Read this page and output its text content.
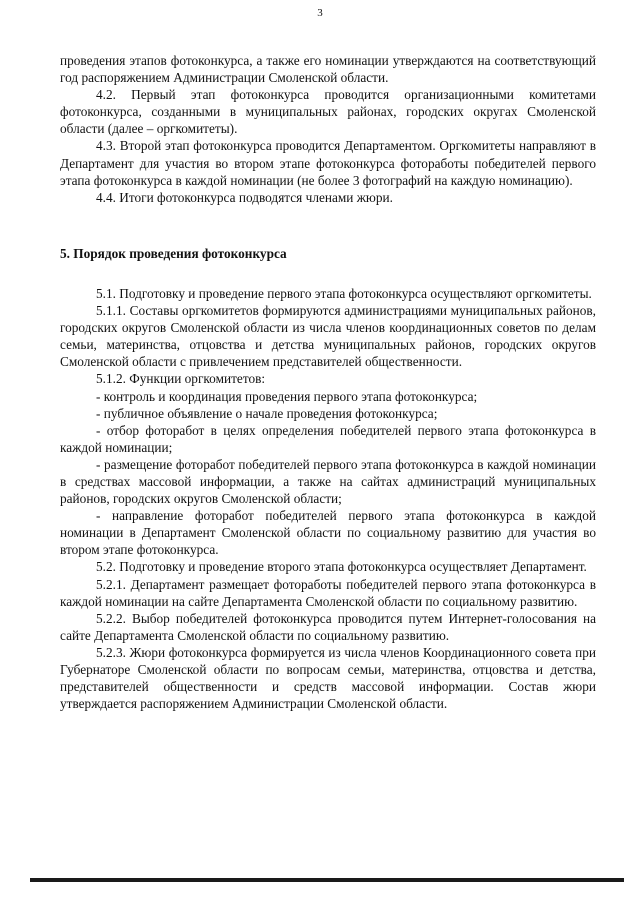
3

проведения этапов фотоконкурса, а также его номинации утверждаются на соответствующий год распоряжением Администрации Смоленской области.

4.2. Первый этап фотоконкурса проводится организационными комитетами фотоконкурса, созданными в муниципальных районах, городских округах Смоленской области (далее – оргкомитеты).

4.3. Второй этап фотоконкурса проводится Департаментом. Оргкомитеты направляют в Департамент для участия во втором этапе фотоконкурса фотоработы победителей первого этапа фотоконкурса в каждой номинации (не более 3 фотографий на каждую номинацию).

4.4. Итоги фотоконкурса подводятся членами жюри.

5. Порядок проведения фотоконкурса

5.1. Подготовку и проведение первого этапа фотоконкурса осуществляют оргкомитеты.

5.1.1. Составы оргкомитетов формируются администрациями муниципальных районов, городских округов Смоленской области из числа членов координационных советов по делам семьи, материнства, отцовства и детства муниципальных районов, городских округов Смоленской области с привлечением представителей общественности.

5.1.2. Функции оргкомитетов:

- контроль и координация проведения первого этапа фотоконкурса;

- публичное объявление о начале проведения фотоконкурса;

- отбор фоторабот в целях определения победителей первого этапа фотоконкурса в каждой номинации;

- размещение фоторабот победителей первого этапа фотоконкурса в каждой номинации в средствах массовой информации, а также на сайтах администраций муниципальных районов, городских округов Смоленской области;

- направление фоторабот победителей первого этапа фотоконкурса в каждой номинации в Департамент Смоленской области по социальному развитию для участия во втором этапе фотоконкурса.

5.2. Подготовку и проведение второго этапа фотоконкурса осуществляет Департамент.

5.2.1. Департамент размещает фотоработы победителей первого этапа фотоконкурса в каждой номинации на сайте Департамента Смоленской области по социальному развитию.

5.2.2. Выбор победителей фотоконкурса проводится путем Интернет-голосования на сайте Департамента Смоленской области по социальному развитию.

5.2.3. Жюри фотоконкурса формируется из числа членов Координационного совета при Губернаторе Смоленской области по вопросам семьи, материнства, отцовства и детства, представителей общественности и средств массовой информации. Состав жюри утверждается распоряжением Администрации Смоленской области.
